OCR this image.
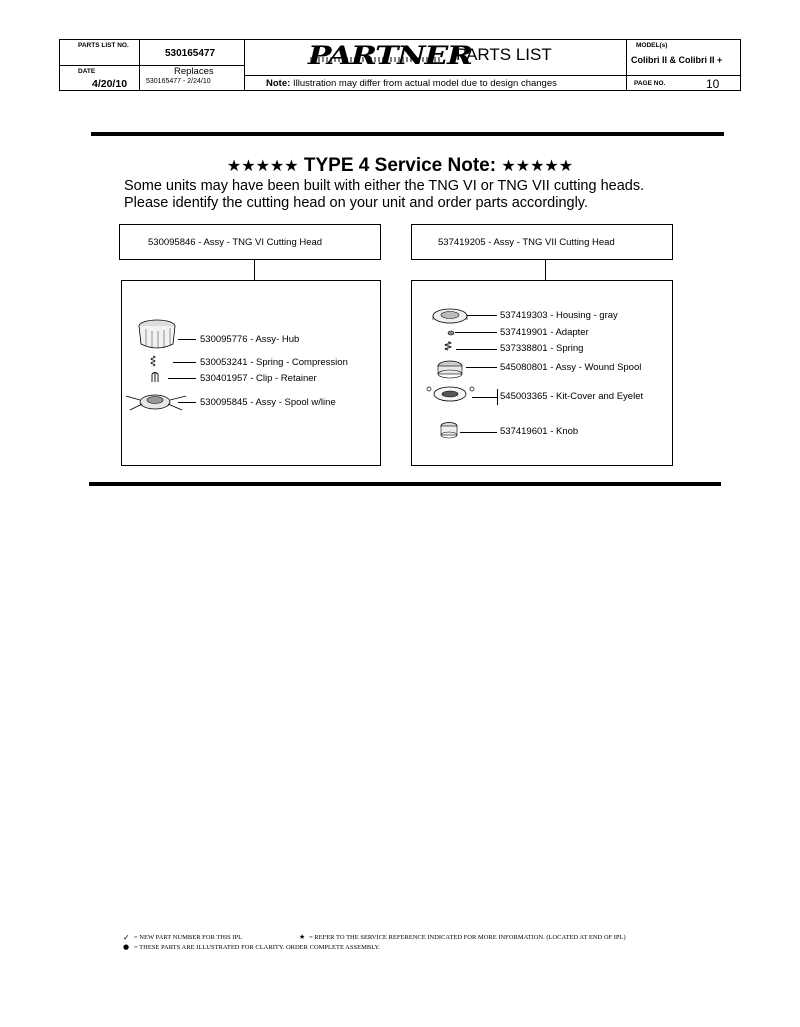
PARTS LIST NO.
530165477
DATE
4/20/10
Replaces
530165477 - 2/24/10
PARTNER
PARTS LIST
Note: Illustration may differ from actual model due to design changes
MODEL(s)
Colibri II & Colibri II +
PAGE NO.	10
★★★★★ TYPE 4 Service Note: ★★★★★
Some units may have been built with either the TNG VI or TNG VII cutting heads.
Please identify the cutting head on your unit and order parts accordingly.
530095846 - Assy - TNG VI Cutting Head
530095776 - Assy- Hub
530053241 - Spring - Compression
530401957 - Clip - Retainer
530095845 - Assy - Spool w/line
537419205 - Assy - TNG VII Cutting Head
537419303 - Housing - gray
537419901 - Adapter
537338801 - Spring
545080801 - Assy - Wound Spool
545003365 - Kit-Cover and Eyelet
537419601 - Knob
✓ = NEW PART NUMBER FOR THIS IPL	★ = REFER TO THE SERVICE REFERENCE INDICATED FOR MORE INFORMATION. (LOCATED AT END OF IPL)
● = THESE PARTS ARE ILLUSTRATED FOR CLARITY. ORDER COMPLETE ASSEMBLY.
